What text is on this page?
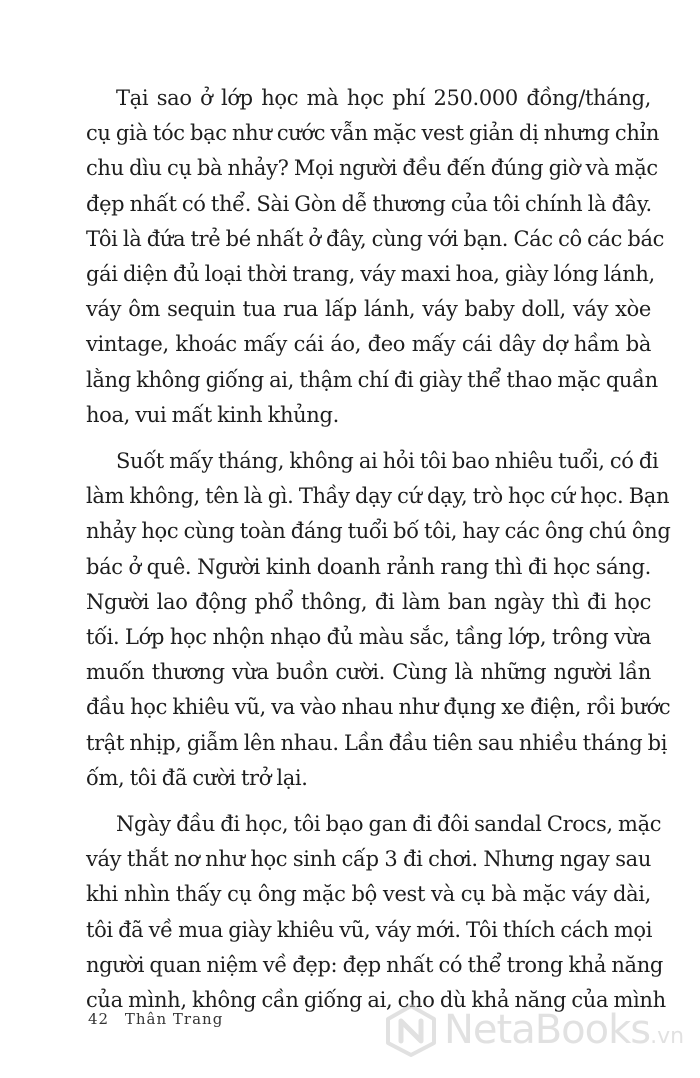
Tại sao ở lớp học mà học phí 250.000 đồng/tháng,
cụ già tóc bạc như cước vẫn mặc vest giản dị nhưng chỉn
chu dìu cụ bà nhảy? Mọi người đều đến đúng giờ và mặc
đẹp nhất có thể. Sài Gòn dễ thương của tôi chính là đây.
Tôi là đứa trẻ bé nhất ở đây, cùng với bạn. Các cô các bác
gái diện đủ loại thời trang, váy maxi hoa, giày lóng lánh,
váy ôm sequin tua rua lấp lánh, váy baby doll, váy xòe
vintage, khoác mấy cái áo, đeo mấy cái dây dợ hầm bà
lằng không giống ai, thậm chí đi giày thể thao mặc quần
hoa, vui mất kinh khủng.
Suốt mấy tháng, không ai hỏi tôi bao nhiêu tuổi, có đi
làm không, tên là gì. Thầy dạy cứ dạy, trò học cứ học. Bạn
nhảy học cùng toàn đáng tuổi bố tôi, hay các ông chú ông
bác ở quê. Người kinh doanh rảnh rang thì đi học sáng.
Người lao động phổ thông, đi làm ban ngày thì đi học
tối. Lớp học nhộn nhạo đủ màu sắc, tầng lớp, trông vừa
muốn thương vừa buồn cười. Cùng là những người lần
đầu học khiêu vũ, va vào nhau như đụng xe điện, rồi bước
trật nhịp, giẫm lên nhau. Lần đầu tiên sau nhiều tháng bị
ốm, tôi đã cười trở lại.
Ngày đầu đi học, tôi bạo gan đi đôi sandal Crocs, mặc
váy thắt nơ như học sinh cấp 3 đi chơi. Nhưng ngay sau
khi nhìn thấy cụ ông mặc bộ vest và cụ bà mặc váy dài,
tôi đã về mua giày khiêu vũ, váy mới. Tôi thích cách mọi
người quan niệm về đẹp: đẹp nhất có thể trong khả năng
của mình, không cần giống ai, cho dù khả năng của mình
42 Thân Trang	NetaBooks.vn
